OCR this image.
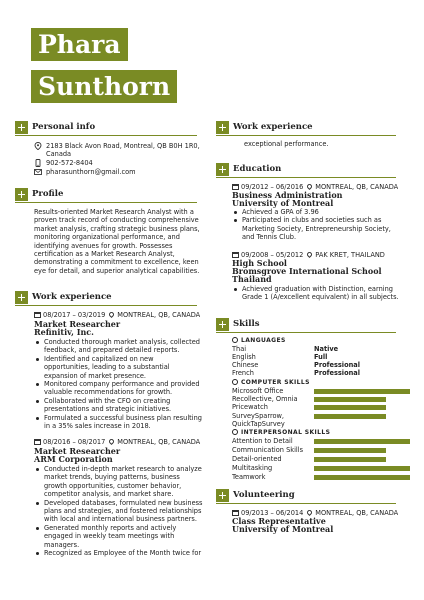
Phara
Sunthorn
Personal info
2183 Black Avon Road, Montreal, QB B0H 1R0,
Canada
902-572-8404
pharasunthorn@gmail.com
Profile
Results-oriented Market Research Analyst with a
proven track record of conducting comprehensive
market analysis, crafting strategic business plans,
monitoring organizational performance, and
identifying avenues for growth. Possesses
certification as a Market Research Analyst,
demonstrating a commitment to excellence, keen
eye for detail, and superior analytical capabilities.
Work experience
08/2017 – 03/2019 MONTREAL, QB, CANADA
Market Researcher
Refinitiv, Inc.
Conducted thorough market analysis, collected
feedback, and prepared detailed reports.
Identified and capitalized on new
opportunities, leading to a substantial
expansion of market presence.
Monitored company performance and provided
valuable recommendations for growth.
Collaborated with the CFO on creating
presentations and strategic initiatives.
Formulated a successful business plan resulting
in a 35% sales increase in 2018.
08/2016 – 08/2017 MONTREAL, QB, CANADA
Market Researcher
ARM Corporation
Conducted in-depth market research to analyze
market trends, buying patterns, business
growth opportunities, customer behavior,
competitor analysis, and market share.
Developed databases, formulated new business
plans and strategies, and fostered relationships
with local and international business partners.
Generated monthly reports and actively
engaged in weekly team meetings with
managers.
Recognized as Employee of the Month twice for
Work experience
exceptional performance.
Education
09/2012 – 06/2016 MONTREAL, QB, CANADA
Business Administration
University of Montreal
Achieved a GPA of 3.96
Participated in clubs and societies such as
Marketing Society, Entrepreneurship Society,
and Tennis Club.
09/2008 – 05/2012 PAK KRET, THAILAND
High School
Bromsgrove International School
Thailand
Achieved graduation with Distinction, earning
Grade 1 (A/excellent equivalent) in all subjects.
Skills
LANGUAGES
Thai	Native
English	Full
Chinese	Professional
French	Professional
COMPUTER SKILLS
Microsoft Office
Recollective, Omnia
Pricewatch
SurveySparrow,
QuickTapSurvey
INTERPERSONAL SKILLS
Attention to Detail
Communication Skills
Detail-oriented
Multitasking
Teamwork
Volunteering
09/2013 – 06/2014 MONTREAL, QB, CANADA
Class Representative
University of Montreal
